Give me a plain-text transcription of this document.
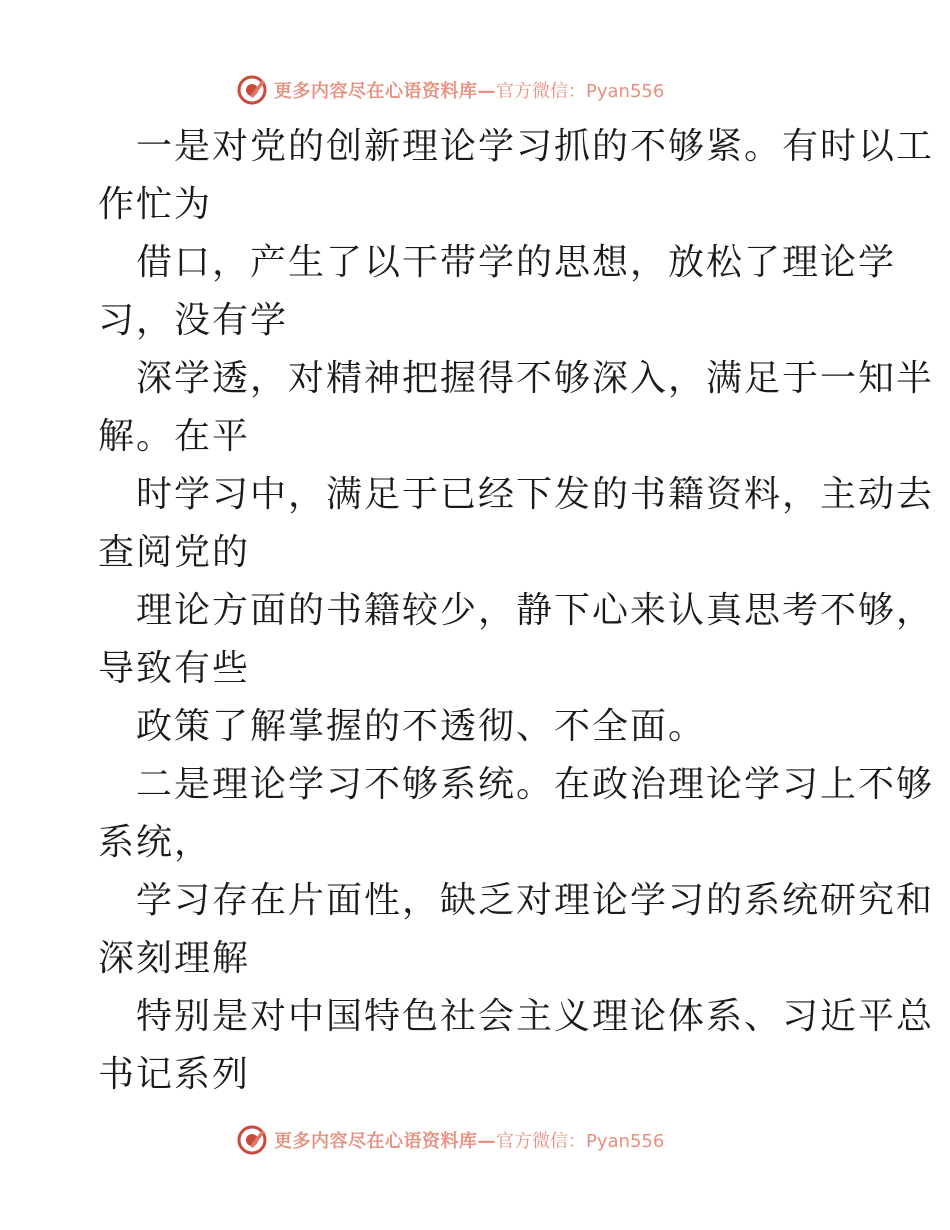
更多内容尽在心语资料库— 官方微信：Pyan556
一是对党的创新理论学习抓的不够紧。有时以工
作忙为
借口，产生了以干带学的思想，放松了理论学
习，没有学
深学透，对精神把握得不够深入，满足于一知半
解。在平
时学习中，满足于已经下发的书籍资料，主动去
查阅党的
理论方面的书籍较少，静下心来认真思考不够，
导致有些
政策了解掌握的不透彻、不全面。
二是理论学习不够系统。在政治理论学习上不够
系统，
学习存在片面性，缺乏对理论学习的系统研究和
深刻理解
特别是对中国特色社会主义理论体系、习近平总
书记系列
更多内容尽在心语资料库— 官方微信：Pyan556
